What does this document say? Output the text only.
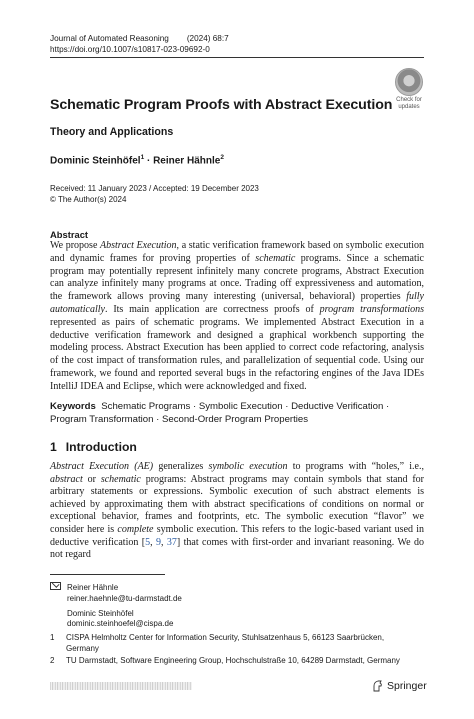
Journal of Automated Reasoning (2024) 68:7
https://doi.org/10.1007/s10817-023-09692-0
Check for
updates
Schematic Program Proofs with Abstract Execution
Theory and Applications
Dominic Steinhöfel$^1$ · Reiner Hähnle$^2$
Received: 11 January 2023 / Accepted: 19 December 2023
© The Author(s) 2024
Abstract
We propose Abstract Execution, a static verification framework based on symbolic execution and dynamic frames for proving properties of schematic programs. Since a schematic program may potentially represent infinitely many concrete programs, Abstract Execution can analyze infinitely many programs at once. Trading off expressiveness and automation, the framework allows proving many interesting (universal, behavioral) properties fully automatically. Its main application are correctness proofs of program transformations represented as pairs of schematic programs. We implemented Abstract Execution in a deductive verification framework and designed a graphical workbench supporting the modeling process. Abstract Execution has been applied to correct code refactoring, analysis of the cost impact of transformation rules, and parallelization of sequential code. Using our framework, we found and reported several bugs in the refactoring engines of the Java IDEs IntelliJ IDEA and Eclipse, which were acknowledged and fixed.
Keywords Schematic Programs · Symbolic Execution · Deductive Verification · Program Transformation · Second-Order Program Properties
1 Introduction
Abstract Execution (AE) generalizes symbolic execution to programs with “holes,” i.e., abstract or schematic programs: Abstract programs may contain symbols that stand for arbitrary statements or expressions. Symbolic execution of such abstract elements is achieved by approximating them with abstract specifications of conditions on normal or exceptional behavior, frames and footprints, etc. The symbolic execution “flavor” we consider here is complete symbolic execution. This refers to the logic-based variant used in deductive verification [5, 9, 37] that comes with first-order and invariant reasoning. We do not regard
Reiner Hähnle
reiner.haehnle@tu-darmstadt.de
Dominic Steinhöfel
dominic.steinhoefel@cispa.de
1 CISPA Helmholtz Center for Information Security, Stuhlsatzenhaus 5, 66123 Saarbrücken, Germany
2 TU Darmstadt, Software Engineering Group, Hochschulstraße 10, 64289 Darmstadt, Germany
Springer
